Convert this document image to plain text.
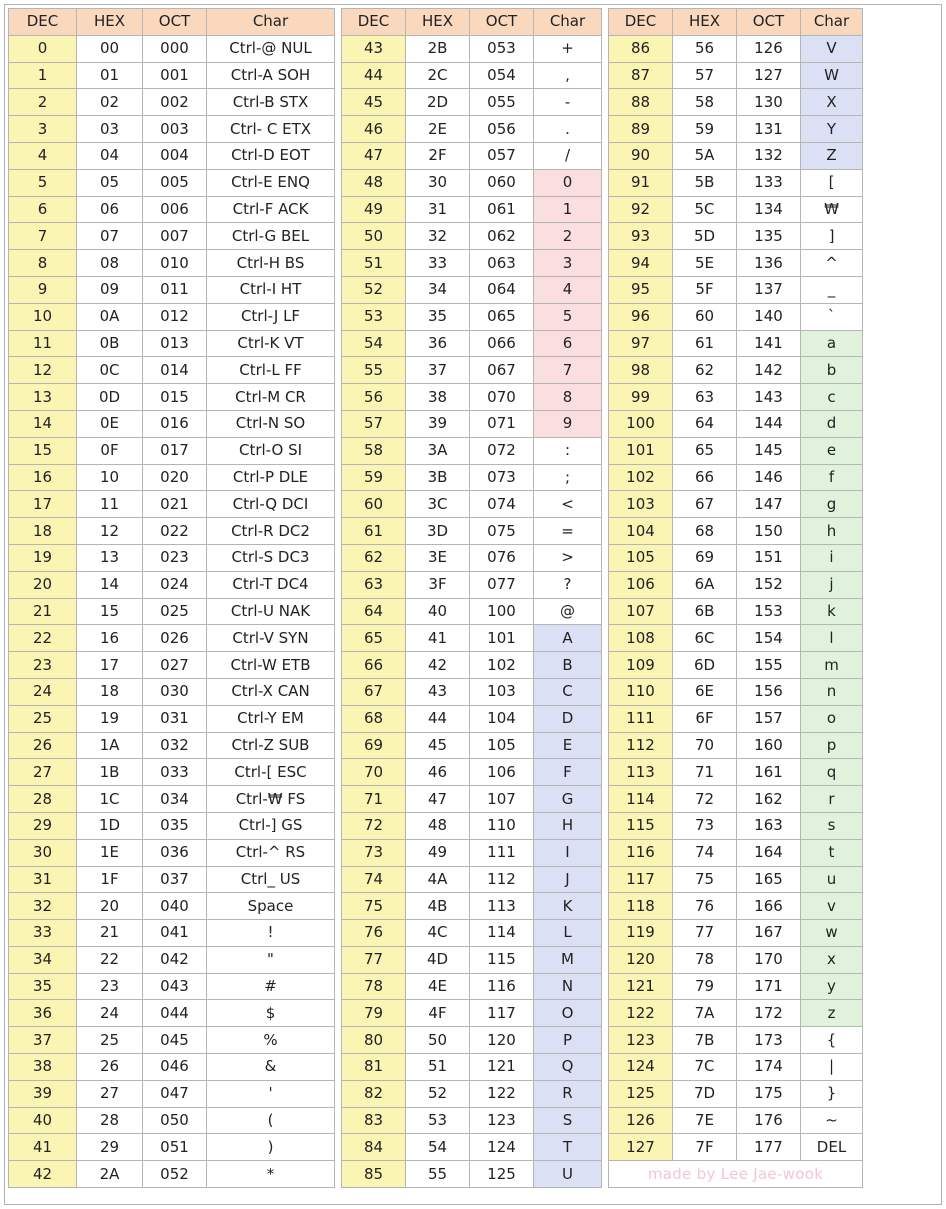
DEC	HEX	OCT	Char		DEC	HEX	OCT	Char		DEC	HEX	OCT	Char
0	00	000	Ctrl-@ NUL		43	2B	053	+		86	56	126	V
1	01	001	Ctrl-A SOH		44	2C	054	,		87	57	127	W
2	02	002	Ctrl-B STX		45	2D	055	-		88	58	130	X
3	03	003	Ctrl- C ETX		46	2E	056	.		89	59	131	Y
4	04	004	Ctrl-D EOT		47	2F	057	/		90	5A	132	Z
5	05	005	Ctrl-E ENQ		48	30	060	0		91	5B	133	[
6	06	006	Ctrl-F ACK		49	31	061	1		92	5C	134	₩
7	07	007	Ctrl-G BEL		50	32	062	2		93	5D	135	]
8	08	010	Ctrl-H BS		51	33	063	3		94	5E	136	^
9	09	011	Ctrl-I HT		52	34	064	4		95	5F	137	_
10	0A	012	Ctrl-J LF		53	35	065	5		96	60	140	`
11	0B	013	Ctrl-K VT		54	36	066	6		97	61	141	a
12	0C	014	Ctrl-L FF		55	37	067	7		98	62	142	b
13	0D	015	Ctrl-M CR		56	38	070	8		99	63	143	c
14	0E	016	Ctrl-N SO		57	39	071	9		100	64	144	d
15	0F	017	Ctrl-O SI		58	3A	072	:		101	65	145	e
16	10	020	Ctrl-P DLE		59	3B	073	;		102	66	146	f
17	11	021	Ctrl-Q DCI		60	3C	074	<		103	67	147	g
18	12	022	Ctrl-R DC2		61	3D	075	=		104	68	150	h
19	13	023	Ctrl-S DC3		62	3E	076	>		105	69	151	i
20	14	024	Ctrl-T DC4		63	3F	077	?		106	6A	152	j
21	15	025	Ctrl-U NAK		64	40	100	@		107	6B	153	k
22	16	026	Ctrl-V SYN		65	41	101	A		108	6C	154	l
23	17	027	Ctrl-W ETB		66	42	102	B		109	6D	155	m
24	18	030	Ctrl-X CAN		67	43	103	C		110	6E	156	n
25	19	031	Ctrl-Y EM		68	44	104	D		111	6F	157	o
26	1A	032	Ctrl-Z SUB		69	45	105	E		112	70	160	p
27	1B	033	Ctrl-[ ESC		70	46	106	F		113	71	161	q
28	1C	034	Ctrl-₩ FS		71	47	107	G		114	72	162	r
29	1D	035	Ctrl-] GS		72	48	110	H		115	73	163	s
30	1E	036	Ctrl-^ RS		73	49	111	I		116	74	164	t
31	1F	037	Ctrl_ US		74	4A	112	J		117	75	165	u
32	20	040	Space		75	4B	113	K		118	76	166	v
33	21	041	!		76	4C	114	L		119	77	167	w
34	22	042	"		77	4D	115	M		120	78	170	x
35	23	043	#		78	4E	116	N		121	79	171	y
36	24	044	$		79	4F	117	O		122	7A	172	z
37	25	045	%		80	50	120	P		123	7B	173	{
38	26	046	&		81	51	121	Q		124	7C	174	|
39	27	047	'		82	52	122	R		125	7D	175	}
40	28	050	(		83	53	123	S		126	7E	176	~
41	29	051	)		84	54	124	T		127	7F	177	DEL
42	2A	052	*		85	55	125	U		made by Lee Jae-wook			
